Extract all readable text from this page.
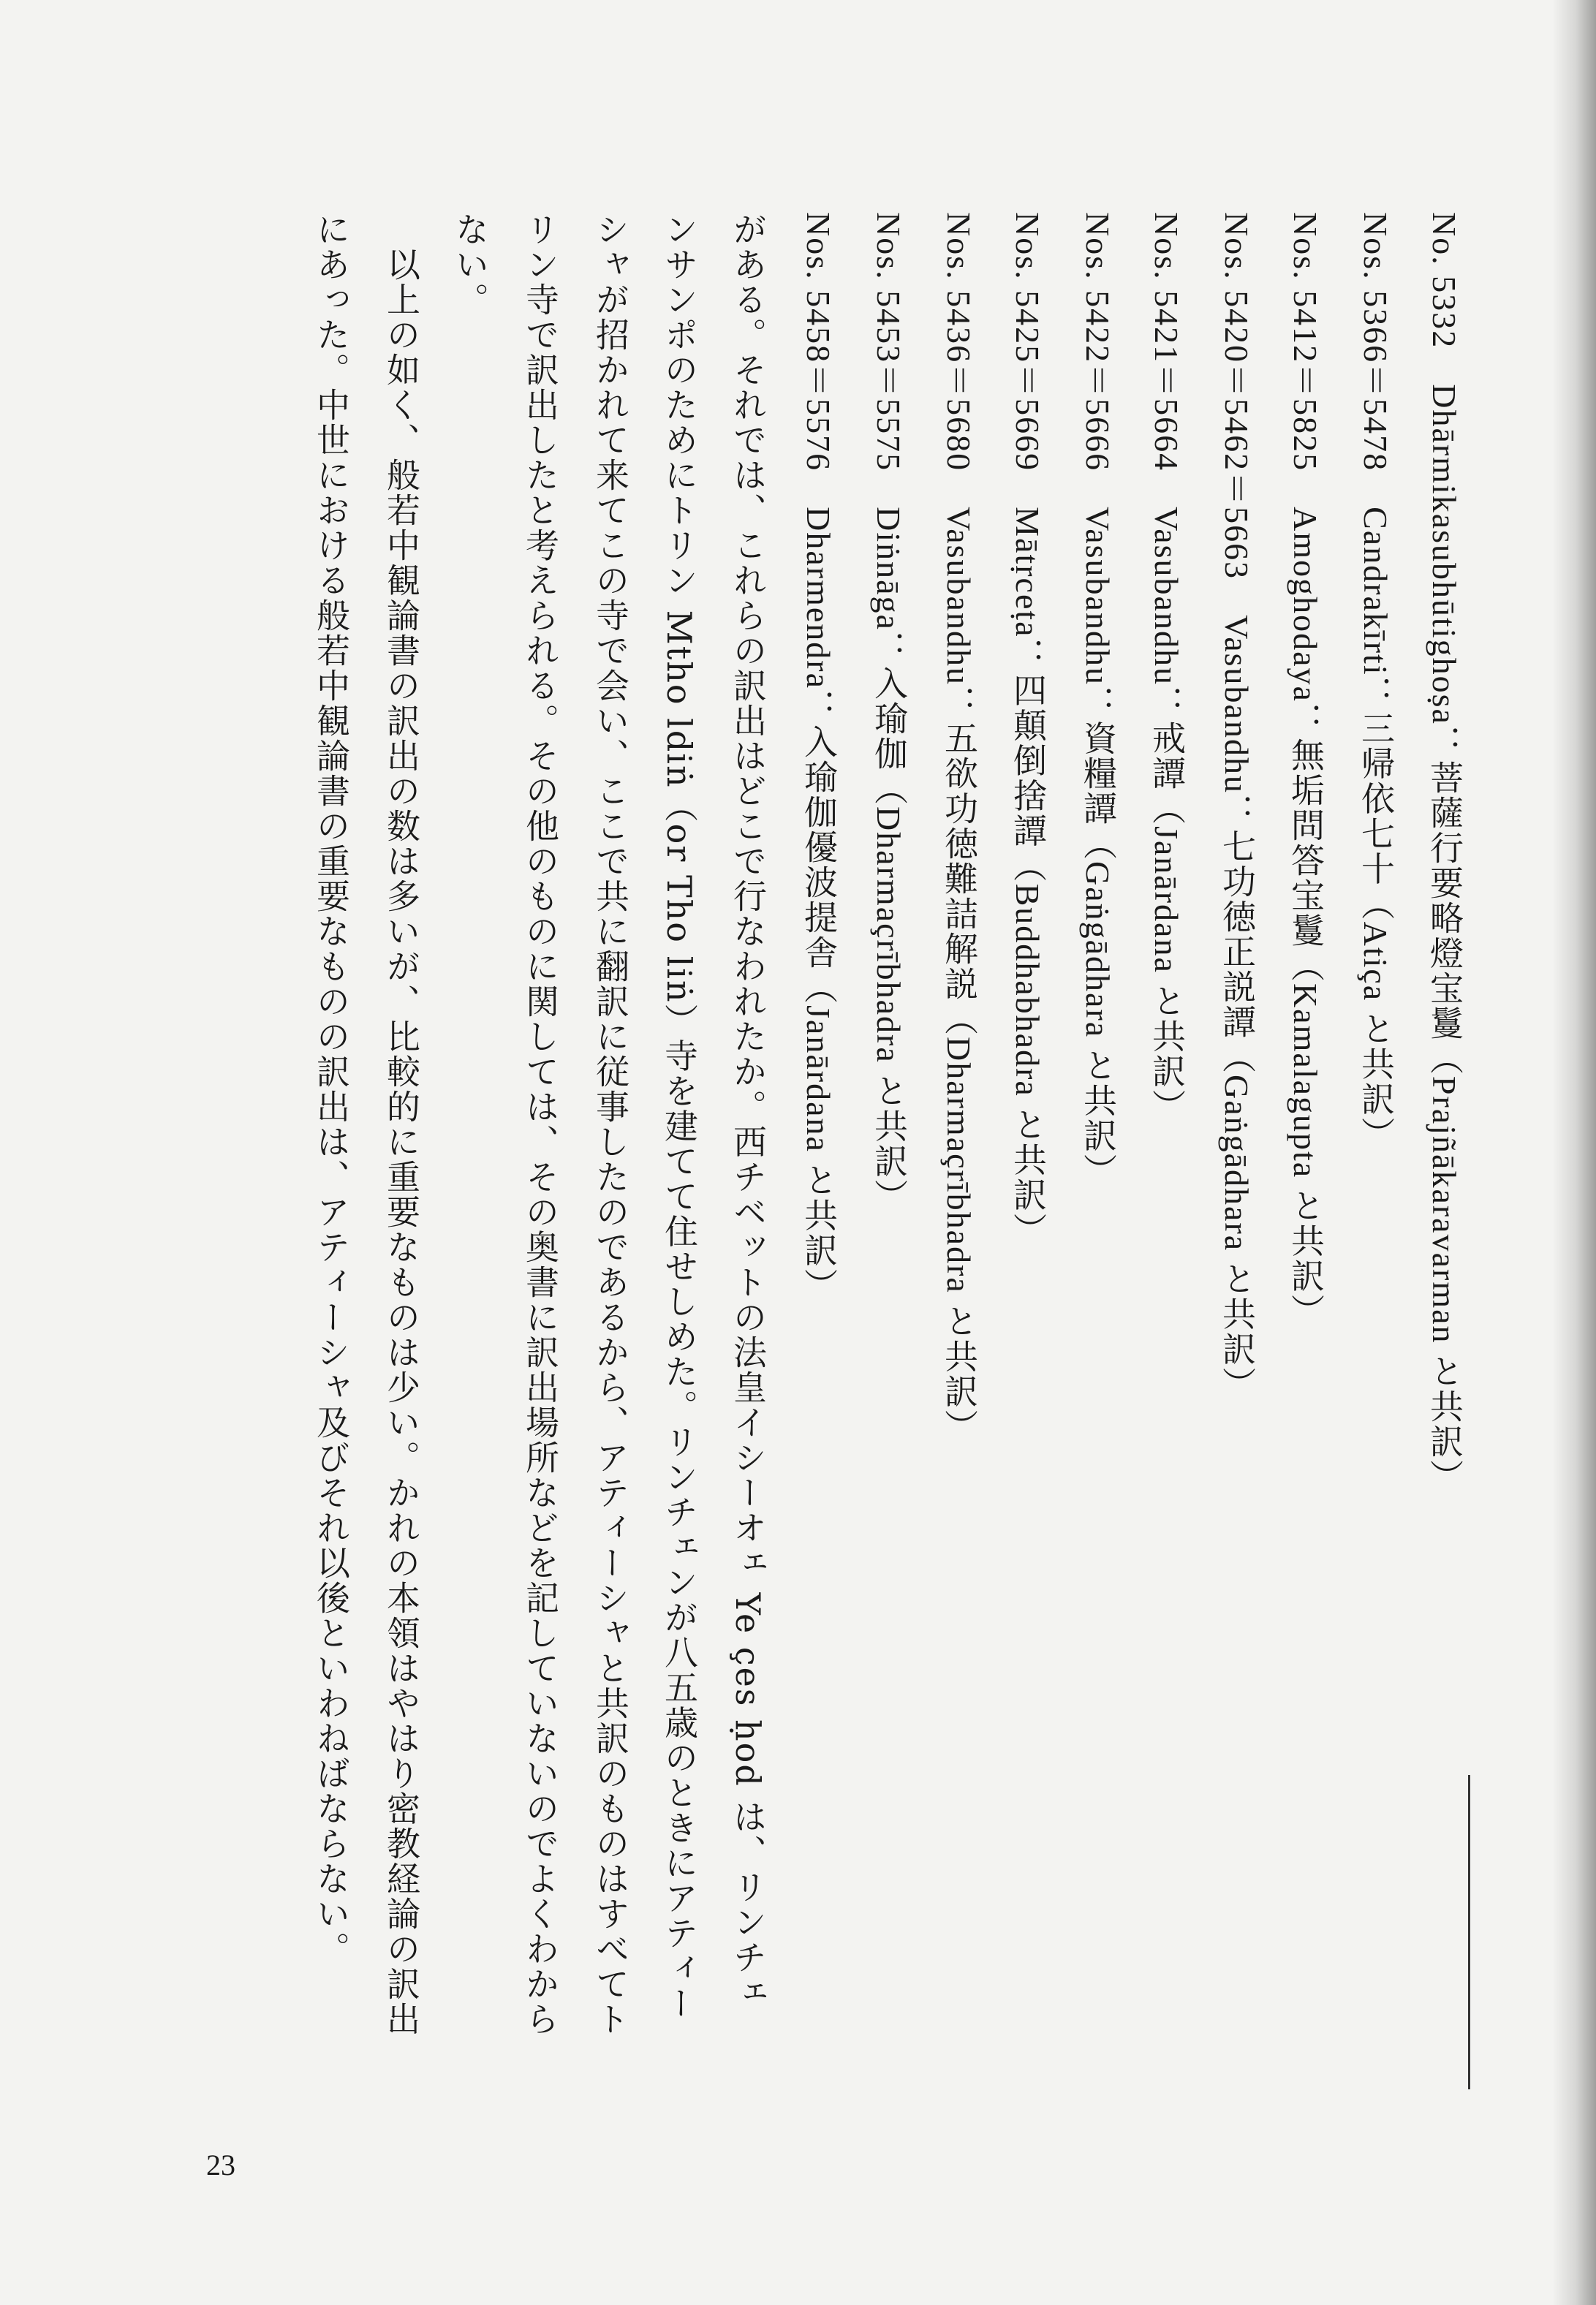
No. 5332　Dhārmikasubhūtighoṣa：菩薩行要略燈宝鬘（Prajñākaravarman と共訳）
Nos. 5366＝5478　Candrakīrti：三帰依七十（Atiça と共訳）
Nos. 5412＝5825　Amoghodaya：無垢問答宝鬘（Kamalagupta と共訳）
Nos. 5420＝5462＝5663　Vasubandhu：七功徳正説譚（Gaṅgādhara と共訳）
Nos. 5421＝5664　Vasubandhu：戒譚（Janārdana と共訳）
Nos. 5422＝5666　Vasubandhu：資糧譚（Gaṅgādhara と共訳）
Nos. 5425＝5669　Mātṛceṭa：四顛倒捨譚（Buddhabhadra と共訳）
Nos. 5436＝5680　Vasubandhu：五欲功徳難詰解説（Dharmaçrībhadra と共訳）
Nos. 5453＝5575　Diṅnāga：入瑜伽（Dharmaçrībhadra と共訳）
Nos. 5458＝5576　Dharmendra：入瑜伽優波提舎（Janārdana と共訳）
がある。それでは、これらの訳出はどこで行なわれたか。西チベットの法皇イシーオェ Ye çes ḥod は、リンチェ
ンサンポのためにトリン Mtho ldiṅ（or Tho liṅ）寺を建てて住せしめた。リンチェンが八五歳のときにアティー
シャが招かれて来てこの寺で会い、ここで共に翻訳に従事したのであるから、アティーシャと共訳のものはすべてト
リン寺で訳出したと考えられる。その他のものに関しては、その奥書に訳出場所などを記していないのでよくわから
ない。
以上の如く、般若中観論書の訳出の数は多いが、比較的に重要なものは少い。かれの本領はやはり密教経論の訳出
にあった。中世における般若中観論書の重要なものの訳出は、アティーシャ及びそれ以後といわねばならない。
23
